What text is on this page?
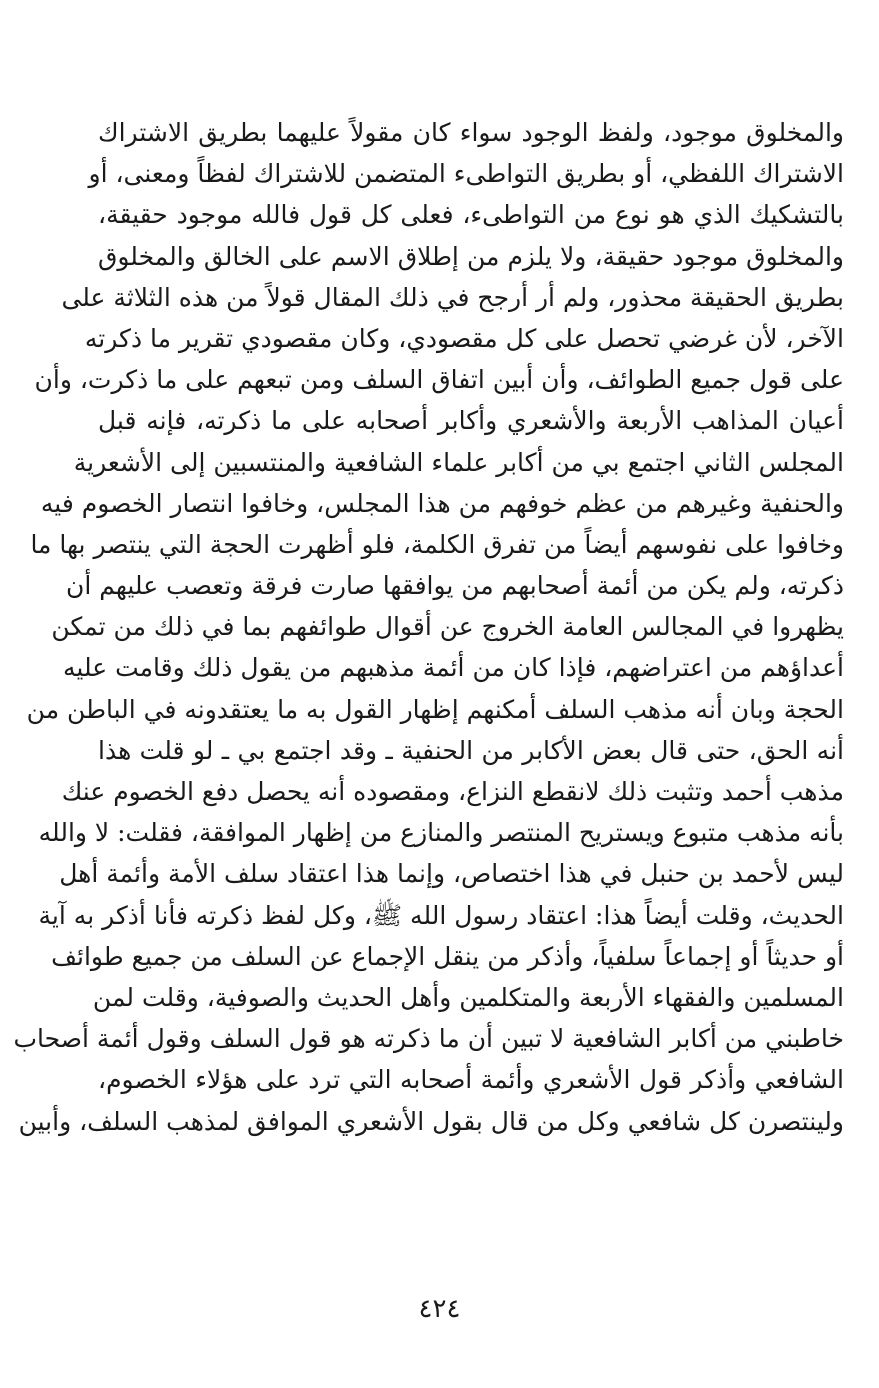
والمخلوق موجود، ولفظ الوجود سواء كان مقولاً عليهما بطريق الاشتراك
الاشتراك اللفظي، أو بطريق التواطىء المتضمن للاشتراك لفظاً ومعنى، أو
بالتشكيك الذي هو نوع من التواطىء، فعلى كل قول فالله موجود حقيقة،
والمخلوق موجود حقيقة، ولا يلزم من إطلاق الاسم على الخالق والمخلوق
بطريق الحقيقة محذور، ولم أر أرجح في ذلك المقال قولاً من هذه الثلاثة على
الآخر، لأن غرضي تحصل على كل مقصودي، وكان مقصودي تقرير ما ذكرته
على قول جميع الطوائف، وأن أبين اتفاق السلف ومن تبعهم على ما ذكرت، وأن
أعيان المذاهب الأربعة والأشعري وأكابر أصحابه على ما ذكرته، فإنه قبل
المجلس الثاني اجتمع بي من أكابر علماء الشافعية والمنتسبين إلى الأشعرية
والحنفية وغيرهم من عظم خوفهم من هذا المجلس، وخافوا انتصار الخصوم فيه
وخافوا على نفوسهم أيضاً من تفرق الكلمة، فلو أظهرت الحجة التي ينتصر بها ما
ذكرته، ولم يكن من أئمة أصحابهم من يوافقها صارت فرقة وتعصب عليهم أن
يظهروا في المجالس العامة الخروج عن أقوال طوائفهم بما في ذلك من تمكن
أعداؤهم من اعتراضهم، فإذا كان من أئمة مذهبهم من يقول ذلك وقامت عليه
الحجة وبان أنه مذهب السلف أمكنهم إظهار القول به ما يعتقدونه في الباطن من
أنه الحق، حتى قال بعض الأكابر من الحنفية ـ وقد اجتمع بي ـ لو قلت هذا
مذهب أحمد وتثبت ذلك لانقطع النزاع، ومقصوده أنه يحصل دفع الخصوم عنك
بأنه مذهب متبوع ويستريح المنتصر والمنازع من إظهار الموافقة، فقلت: لا والله
ليس لأحمد بن حنبل في هذا اختصاص، وإنما هذا اعتقاد سلف الأمة وأئمة أهل
الحديث، وقلت أيضاً هذا: اعتقاد رسول الله ﷺ، وكل لفظ ذكرته فأنا أذكر به آية
أو حديثاً أو إجماعاً سلفياً، وأذكر من ينقل الإجماع عن السلف من جميع طوائف
المسلمين والفقهاء الأربعة والمتكلمين وأهل الحديث والصوفية، وقلت لمن
خاطبني من أكابر الشافعية لا تبين أن ما ذكرته هو قول السلف وقول أئمة أصحاب
الشافعي وأذكر قول الأشعري وأئمة أصحابه التي ترد على هؤلاء الخصوم،
ولينتصرن كل شافعي وكل من قال بقول الأشعري الموافق لمذهب السلف، وأبين
٤٢٤
